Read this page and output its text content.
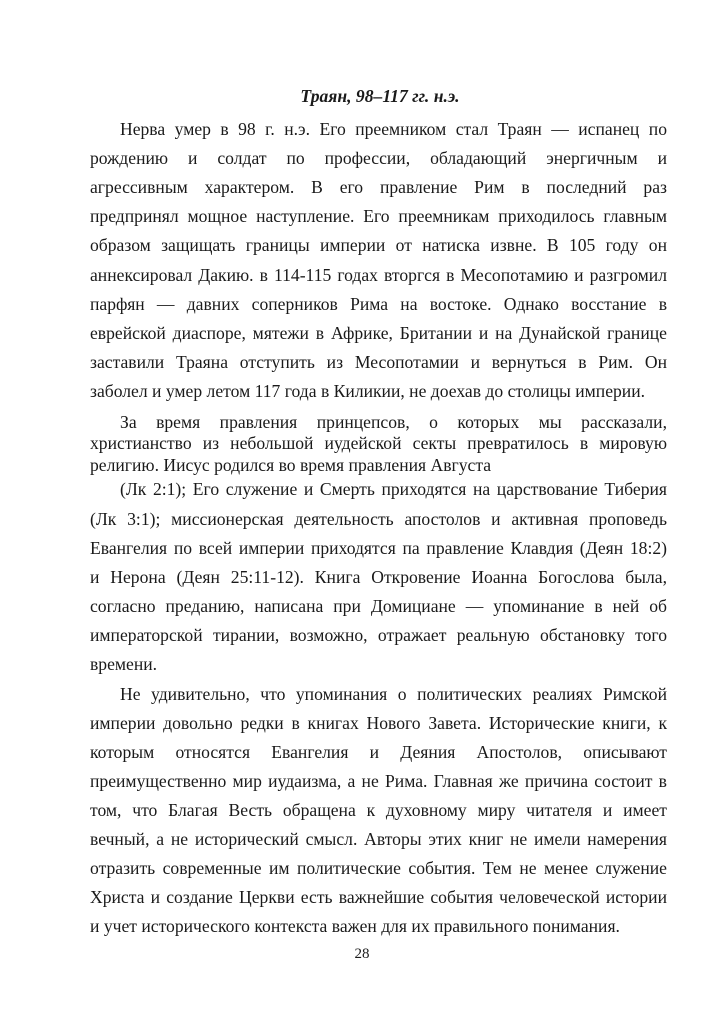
Траян, 98–117 гг. н.э.
Нерва умер в 98 г. н.э. Его преемником стал Траян — испанец по
рождению и солдат по профессии, обладающий энергичным и
агрессивным характером. В его правление Рим в последний раз
предпринял мощное наступление. Его преемникам приходилось главным
образом защищать границы империи от натиска извне. В 105 году он
аннексировал Дакию. в 114-115 годах вторгся в Месопотамию и разгромил
парфян — давних соперников Рима на востоке. Однако восстание в
еврейской диаспоре, мятежи в Африке, Британии и на Дунайской границе
заставили Траяна отступить из Месопотамии и вернуться в Рим. Он
заболел и умер летом 117 года в Киликии, не доехав до столицы империи.
За время правления принцепсов, о которых мы рассказали,
христианство из небольшой иудейской секты превратилось в мировую
религию. Иисус родился во время правления Августа
(Лк 2:1); Его служение и Смерть приходятся на царствование Тиберия
(Лк 3:1); миссионерская деятельность апостолов и активная проповедь
Евангелия по всей империи приходятся па правление Клавдия (Деян 18:2)
и Нерона (Деян 25:11-12). Книга Откровение Иоанна Богослова была,
согласно преданию, написана при Домициане — упоминание в ней об
императорской тирании, возможно, отражает реальную обстановку того
времени.
Не удивительно, что упоминания о политических реалиях Римской
империи довольно редки в книгах Нового Завета. Исторические книги, к
которым относятся Евангелия и Деяния Апостолов, описывают
преимущественно мир иудаизма, а не Рима. Главная же причина состоит в
том, что Благая Весть обращена к духовному миру читателя и имеет
вечный, а не исторический смысл. Авторы этих книг не имели намерения
отразить современные им политические события. Тем не менее служение
Христа и создание Церкви есть важнейшие события человеческой истории
и учет исторического контекста важен для их правильного понимания.
28
